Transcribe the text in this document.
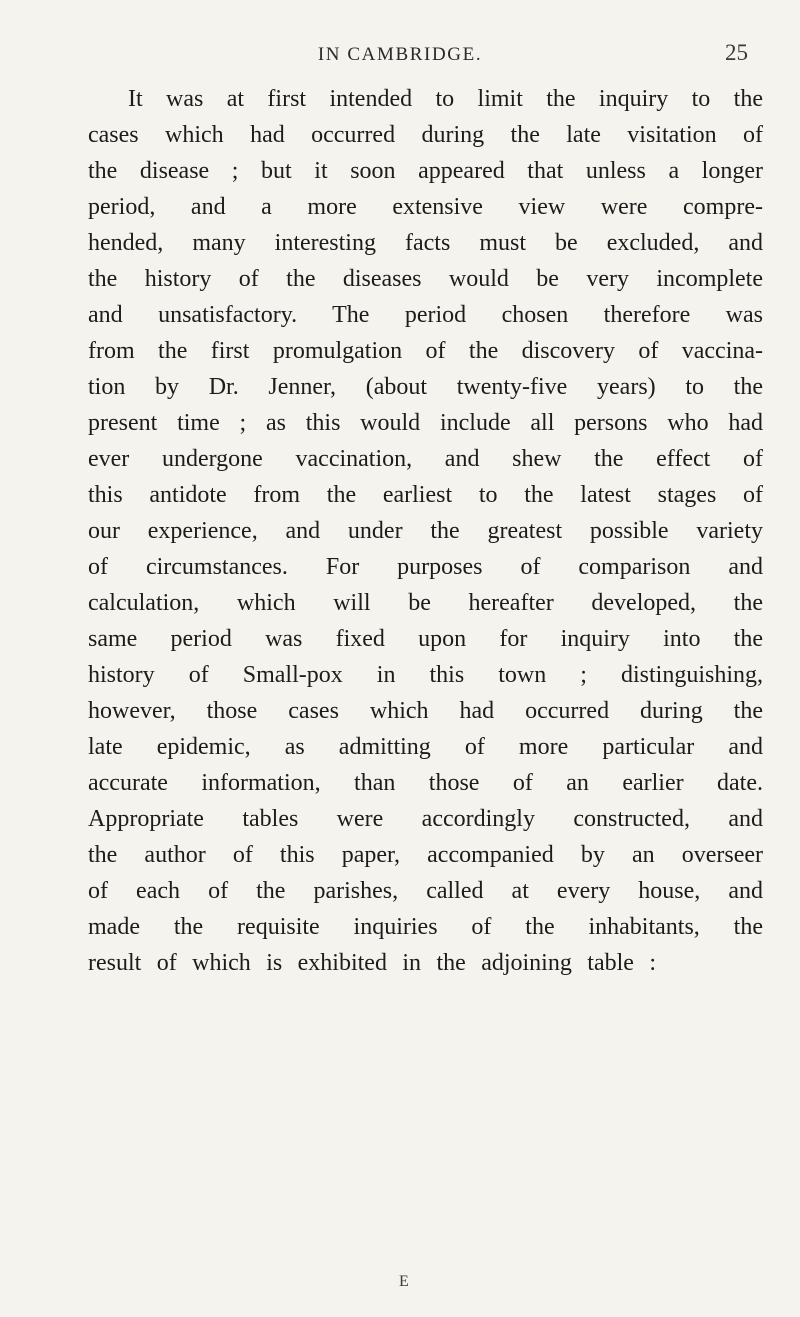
IN CAMBRIDGE.	25
It was at first intended to limit the inquiry to the
cases which had occurred during the late visitation of
the disease ; but it soon appeared that unless a longer
period, and a more extensive view were compre-
hended, many interesting facts must be excluded, and
the history of the diseases would be very incomplete
and unsatisfactory. The period chosen therefore was
from the first promulgation of the discovery of vaccina-
tion by Dr. Jenner, (about twenty-five years) to the
present time ; as this would include all persons who had
ever undergone vaccination, and shew the effect of
this antidote from the earliest to the latest stages of
our experience, and under the greatest possible variety
of circumstances. For purposes of comparison and
calculation, which will be hereafter developed, the
same period was fixed upon for inquiry into the
history of Small-pox in this town ; distinguishing,
however, those cases which had occurred during the
late epidemic, as admitting of more particular and
accurate information, than those of an earlier date.
Appropriate tables were accordingly constructed, and
the author of this paper, accompanied by an overseer
of each of the parishes, called at every house, and
made the requisite inquiries of the inhabitants, the
result of which is exhibited in the adjoining table :
E
